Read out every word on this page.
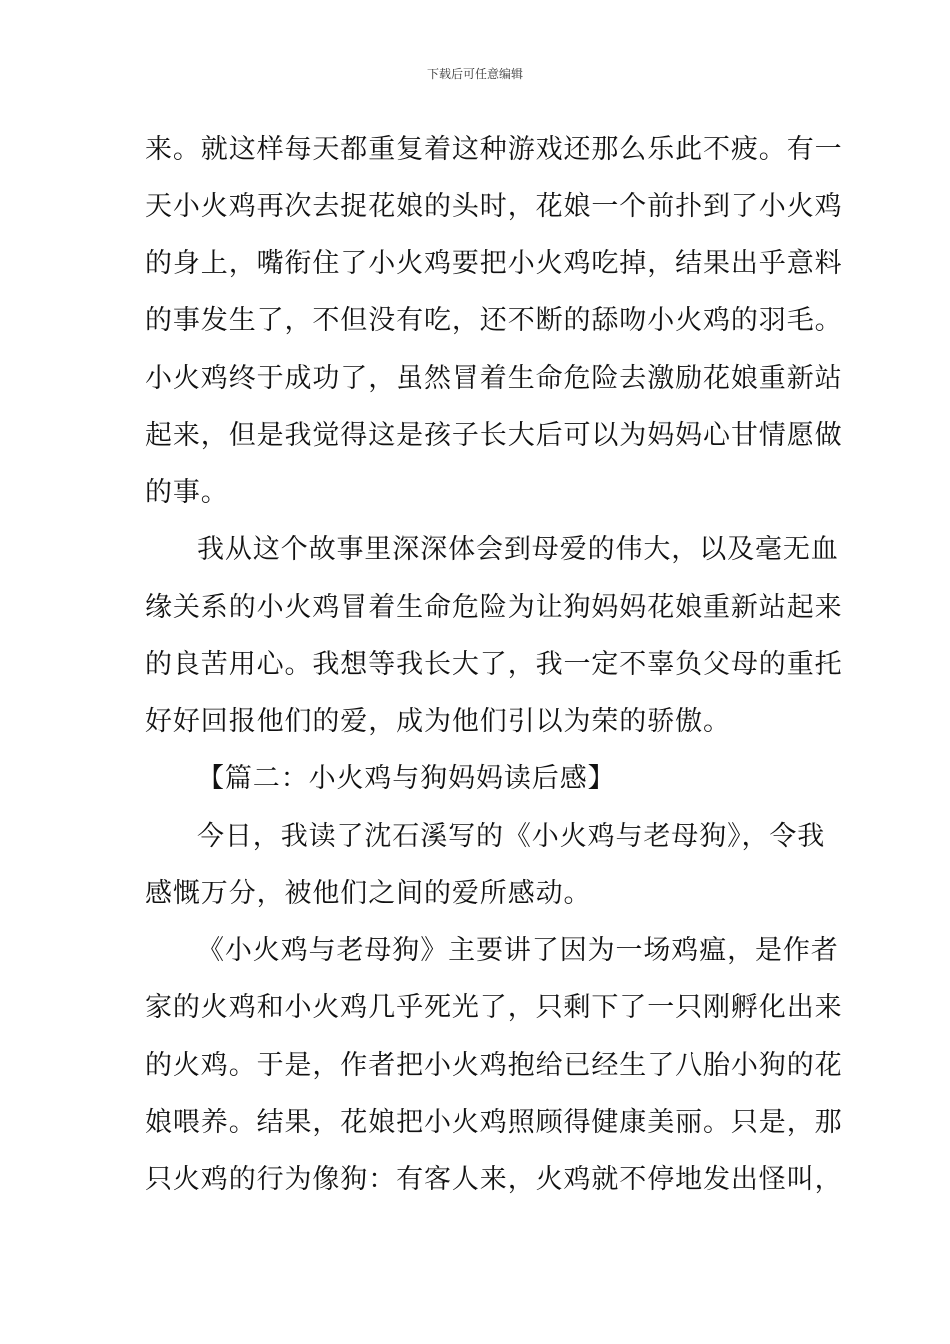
下载后可任意编辑
来。就这样每天都重复着这种游戏还那么乐此不疲。有一
天小火鸡再次去捉花娘的头时，花娘一个前扑到了小火鸡
的身上，嘴衔住了小火鸡要把小火鸡吃掉，结果出乎意料
的事发生了，不但没有吃，还不断的舔吻小火鸡的羽毛。
小火鸡终于成功了，虽然冒着生命危险去激励花娘重新站
起来，但是我觉得这是孩子长大后可以为妈妈心甘情愿做
的事。
我从这个故事里深深体会到母爱的伟大，以及毫无血
缘关系的小火鸡冒着生命危险为让狗妈妈花娘重新站起来
的良苦用心。我想等我长大了，我一定不辜负父母的重托
好好回报他们的爱，成为他们引以为荣的骄傲。
【篇二：小火鸡与狗妈妈读后感】
今日，我读了沈石溪写的《小火鸡与老母狗》，令我
感慨万分，被他们之间的爱所感动。
《小火鸡与老母狗》主要讲了因为一场鸡瘟，是作者
家的火鸡和小火鸡几乎死光了，只剩下了一只刚孵化出来
的火鸡。于是，作者把小火鸡抱给已经生了八胎小狗的花
娘喂养。结果，花娘把小火鸡照顾得健康美丽。只是，那
只火鸡的行为像狗：有客人来，火鸡就不停地发出怪叫，
